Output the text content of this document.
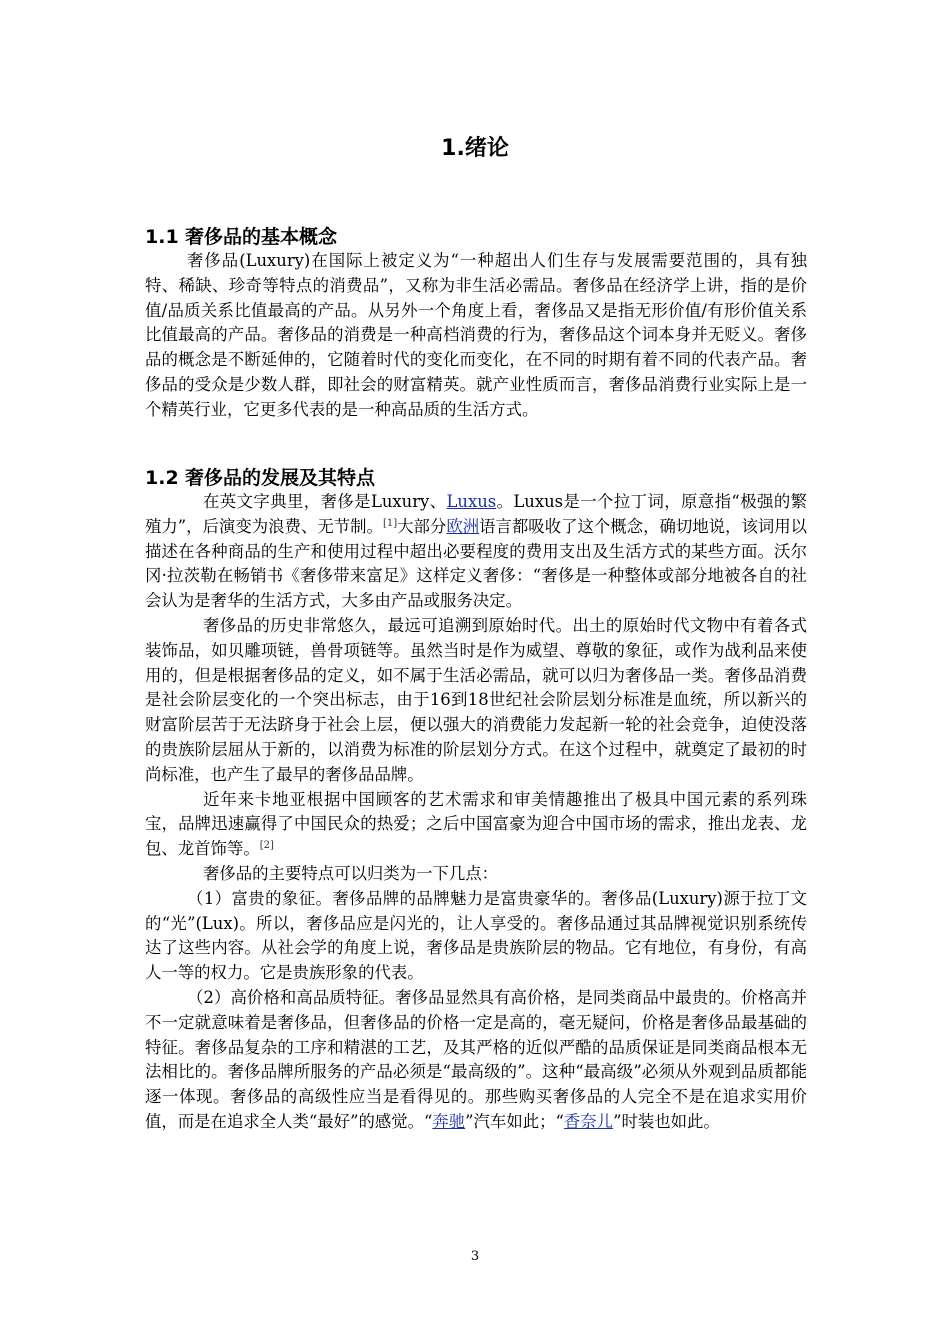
1.绪论
1.1 奢侈品的基本概念

奢侈品(Luxury)在国际上被定义为“一种超出人们生存与发展需要范围的，具有独特、稀缺、珍奇等特点的消费品”，又称为非生活必需品。奢侈品在经济学上讲，指的是价值/品质关系比值最高的产品。从另外一个角度上看，奢侈品又是指无形价值/有形价值关系比值最高的产品。奢侈品的消费是一种高档消费的行为，奢侈品这个词本身并无贬义。奢侈品的概念是不断延伸的，它随着时代的变化而变化，在不同的时期有着不同的代表产品。奢侈品的受众是少数人群，即社会的财富精英。就产业性质而言，奢侈品消费行业实际上是一个精英行业，它更多代表的是一种高品质的生活方式。

1.2 奢侈品的发展及其特点

在英文字典里，奢侈是Luxury、Luxus。Luxus是一个拉丁词，原意指“极强的繁殖力”，后演变为浪费、无节制。[1]大部分欧洲语言都吸收了这个概念，确切地说，该词用以描述在各种商品的生产和使用过程中超出必要程度的费用支出及生活方式的某些方面。沃尔冈·拉茨勒在畅销书《奢侈带来富足》这样定义奢侈：“奢侈是一种整体或部分地被各自的社会认为是奢华的生活方式，大多由产品或服务决定。

奢侈品的历史非常悠久，最远可追溯到原始时代。出土的原始时代文物中有着各式装饰品，如贝雕项链，兽骨项链等。虽然当时是作为威望、尊敬的象征，或作为战利品来使用的，但是根据奢侈品的定义，如不属于生活必需品，就可以归为奢侈品一类。奢侈品消费是社会阶层变化的一个突出标志，由于16到18世纪社会阶层划分标准是血统，所以新兴的财富阶层苦于无法跻身于社会上层，便以强大的消费能力发起新一轮的社会竞争，迫使没落的贵族阶层屈从于新的，以消费为标准的阶层划分方式。在这个过程中，就奠定了最初的时尚标准，也产生了最早的奢侈品品牌。

近年来卡地亚根据中国顾客的艺术需求和审美情趣推出了极具中国元素的系列珠宝，品牌迅速赢得了中国民众的热爱；之后中国富豪为迎合中国市场的需求，推出龙表、龙包、龙首饰等。[2]

奢侈品的主要特点可以归类为一下几点：

（1）富贵的象征。奢侈品牌的品牌魅力是富贵豪华的。奢侈品(Luxury)源于拉丁文的“光”(Lux)。所以，奢侈品应是闪光的，让人享受的。奢侈品通过其品牌视觉识别系统传达了这些内容。从社会学的角度上说，奢侈品是贵族阶层的物品。它有地位，有身份，有高人一等的权力。它是贵族形象的代表。

（2）高价格和高品质特征。奢侈品显然具有高价格，是同类商品中最贵的。价格高并不一定就意味着是奢侈品，但奢侈品的价格一定是高的，毫无疑问，价格是奢侈品最基础的特征。奢侈品复杂的工序和精湛的工艺，及其严格的近似严酷的品质保证是同类商品根本无法相比的。奢侈品牌所服务的产品必须是“最高级的”。这种“最高级”必须从外观到品质都能逐一体现。奢侈品的高级性应当是看得见的。那些购买奢侈品的人完全不是在追求实用价值，而是在追求全人类“最好”的感觉。“奔驰”汽车如此；“香奈儿”时装也如此。

3
